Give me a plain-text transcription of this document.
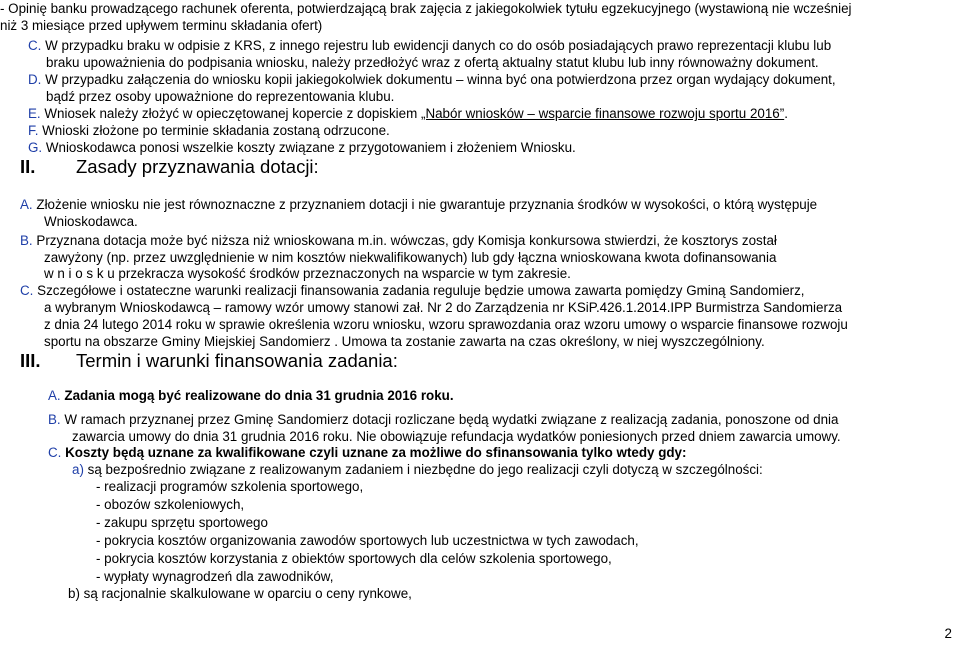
- Opinię banku prowadzącego rachunek oferenta, potwierdzającą brak zajęcia z jakiegokolwiek tytułu egzekucyjnego (wystawioną nie wcześniej
niż 3 miesiące przed upływem terminu składania ofert)
C. W przypadku braku w odpisie z KRS, z innego rejestru lub ewidencji danych co do osób posiadających prawo reprezentacji klubu lub
braku upoważnienia do podpisania wniosku, należy przedłożyć wraz z ofertą aktualny statut klubu lub inny równoważny dokument.
D. W przypadku załączenia do wniosku kopii jakiegokolwiek dokumentu – winna być ona potwierdzona przez organ wydający dokument,
bądź przez osoby upoważnione do reprezentowania klubu.
E. Wniosek należy złożyć w opieczętowanej kopercie z dopiskiem „Nabór wniosków – wsparcie finansowe rozwoju sportu 2016”.
F. Wnioski złożone po terminie składania zostaną odrzucone.
G. Wnioskodawca ponosi wszelkie koszty związane z przygotowaniem i złożeniem Wniosku.
II. Zasady przyznawania dotacji:
A. Złożenie wniosku nie jest równoznaczne z przyznaniem dotacji i nie gwarantuje przyznania środków w wysokości, o którą występuje
Wnioskodawca.
B. Przyznana dotacja może być niższa niż wnioskowana m.in. wówczas, gdy Komisja konkursowa stwierdzi, że kosztorys został
zawyżony (np. przez uwzględnienie w nim kosztów niekwalifikowanych) lub gdy łączna wnioskowana kwota dofinansowania
w n i o s k u przekracza wysokość środków przeznaczonych na wsparcie w tym zakresie.
C. Szczegółowe i ostateczne warunki realizacji finansowania zadania reguluje będzie umowa zawarta pomiędzy Gminą Sandomierz,
a wybranym Wnioskodawcą – ramowy wzór umowy stanowi zał. Nr 2 do Zarządzenia nr KSiP.426.1.2014.IPP Burmistrza Sandomierza
z dnia 24 lutego 2014 roku w sprawie określenia wzoru wniosku, wzoru sprawozdania oraz wzoru umowy o wsparcie finansowe rozwoju
sportu na obszarze Gminy Miejskiej Sandomierz . Umowa ta zostanie zawarta na czas określony, w niej wyszczególniony.
III. Termin i warunki finansowania zadania:
A. Zadania mogą być realizowane do dnia 31 grudnia 2016 roku.
B. W ramach przyznanej przez Gminę Sandomierz dotacji rozliczane będą wydatki związane z realizacją zadania, ponoszone od dnia
zawarcia umowy do dnia 31 grudnia 2016 roku. Nie obowiązuje refundacja wydatków poniesionych przed dniem zawarcia umowy.
C. Koszty będą uznane za kwalifikowane czyli uznane za możliwe do sfinansowania tylko wtedy gdy:
a) są bezpośrednio związane z realizowanym zadaniem i niezbędne do jego realizacji czyli dotyczą w szczególności:
- realizacji programów szkolenia sportowego,
- obozów szkoleniowych,
- zakupu sprzętu sportowego
- pokrycia kosztów organizowania zawodów sportowych lub uczestnictwa w tych zawodach,
- pokrycia kosztów korzystania z obiektów sportowych dla celów szkolenia sportowego,
- wypłaty wynagrodzeń dla zawodników,
b) są racjonalnie skalkulowane w oparciu o ceny rynkowe,
2
